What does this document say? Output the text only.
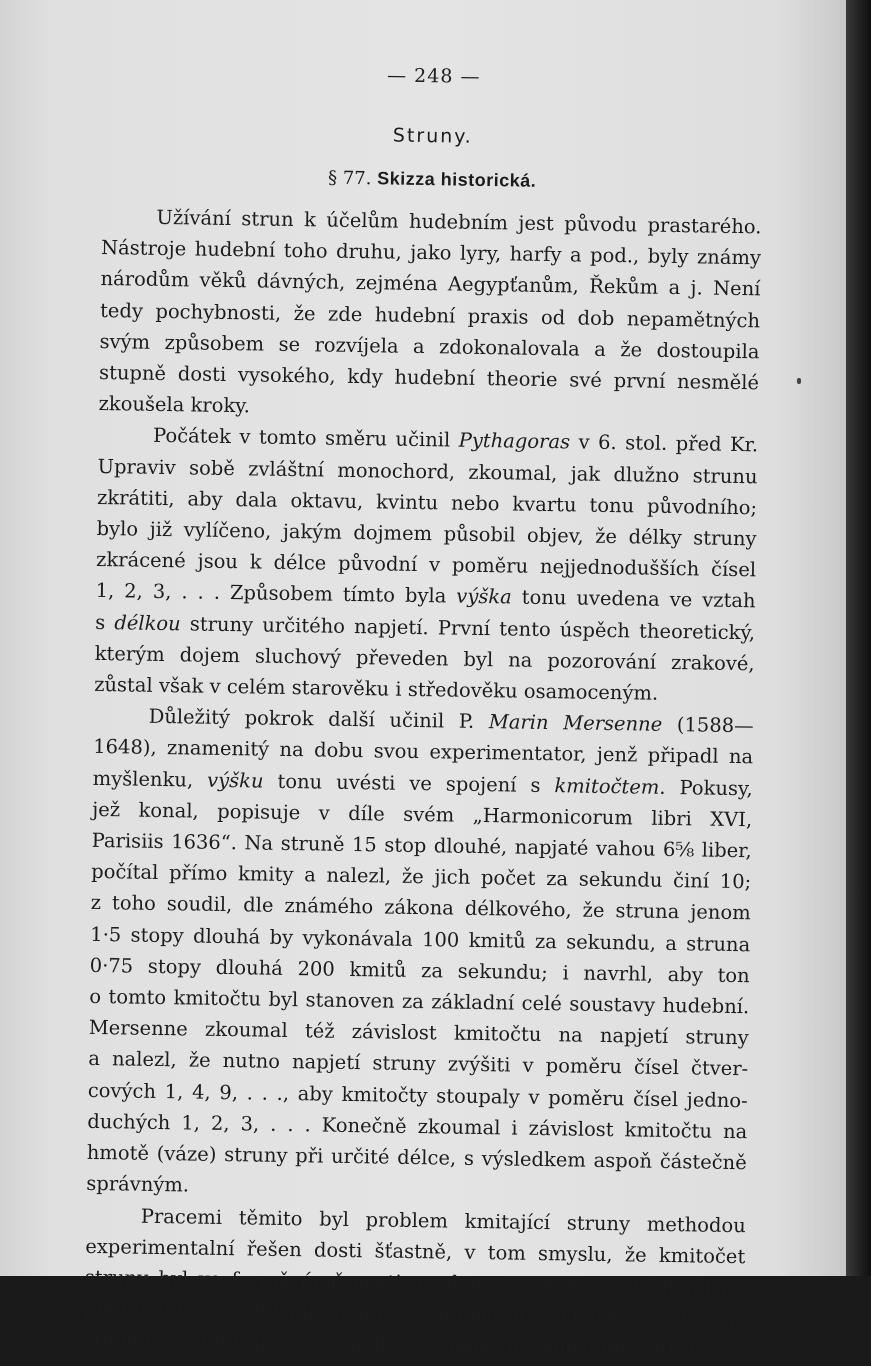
— 248 —
Struny.
§ 77. Skizza historická.

Užívání strun k účelům hudebním jest původu prastarého.
Nástroje hudební toho druhu, jako lyry, harfy a pod., byly známy
národům věků dávných, zejména Aegypťanům, Řekům a j. Není
tedy pochybnosti, že zde hudební praxis od dob nepamětných
svým způsobem se rozvíjela a zdokonalovala a že dostoupila
stupně dosti vysokého, kdy hudební theorie své první nesmělé
zkoušela kroky.

Počátek v tomto směru učinil Pythagoras v 6. stol. před Kr.
Upraviv sobě zvláštní monochord, zkoumal, jak dlužno strunu
zkrátiti, aby dala oktavu, kvintu nebo kvartu tonu původního;
bylo již vylíčeno, jakým dojmem působil objev, že délky struny
zkrácené jsou k délce původní v poměru nejjednodušších čísel
1, 2, 3, . . . Způsobem tímto byla výška tonu uvedena ve vztah
s délkou struny určitého napjetí. První tento úspěch theoretický,
kterým dojem sluchový převeden byl na pozorování zrakové,
zůstal však v celém starověku i středověku osamoceným.

Důležitý pokrok další učinil P. Marin Mersenne (1588—
1648), znamenitý na dobu svou experimentator, jenž připadl na
myšlenku, výšku tonu uvésti ve spojení s kmitočtem. Pokusy,
jež konal, popisuje v díle svém „Harmonicorum libri XVI,
Parisiis 1636“. Na struně 15 stop dlouhé, napjaté vahou 6⅝ liber,
počítal přímo kmity a nalezl, že jich počet za sekundu činí 10;
z toho soudil, dle známého zákona délkového, že struna jenom
1·5 stopy dlouhá by vykonávala 100 kmitů za sekundu, a struna
0·75 stopy dlouhá 200 kmitů za sekundu; i navrhl, aby ton
o tomto kmitočtu byl stanoven za základní celé soustavy hudební.
Mersenne zkoumal též závislost kmitočtu na napjetí struny
a nalezl, že nutno napjetí struny zvýšiti v poměru čísel čtver-
cových 1, 4, 9, . . ., aby kmitočty stoupaly v poměru čísel jedno-
duchých 1, 2, 3, . . . Konečně zkoumal i závislost kmitočtu na
hmotě (váze) struny při určité délce, s výsledkem aspoň částečně
správným.

Pracemi těmito byl problem kmitající struny methodou
experimentalní řešen dosti šťastně, v tom smyslu, že kmitočet
struny byl ve formě úměrnosti uveden ve vztah s veličinami jej
podmiňujícími, délkou struny a napjetím. Scházelo ještě vy-
stihnouti faktor proporcionality, v němž by konstanty struny —
